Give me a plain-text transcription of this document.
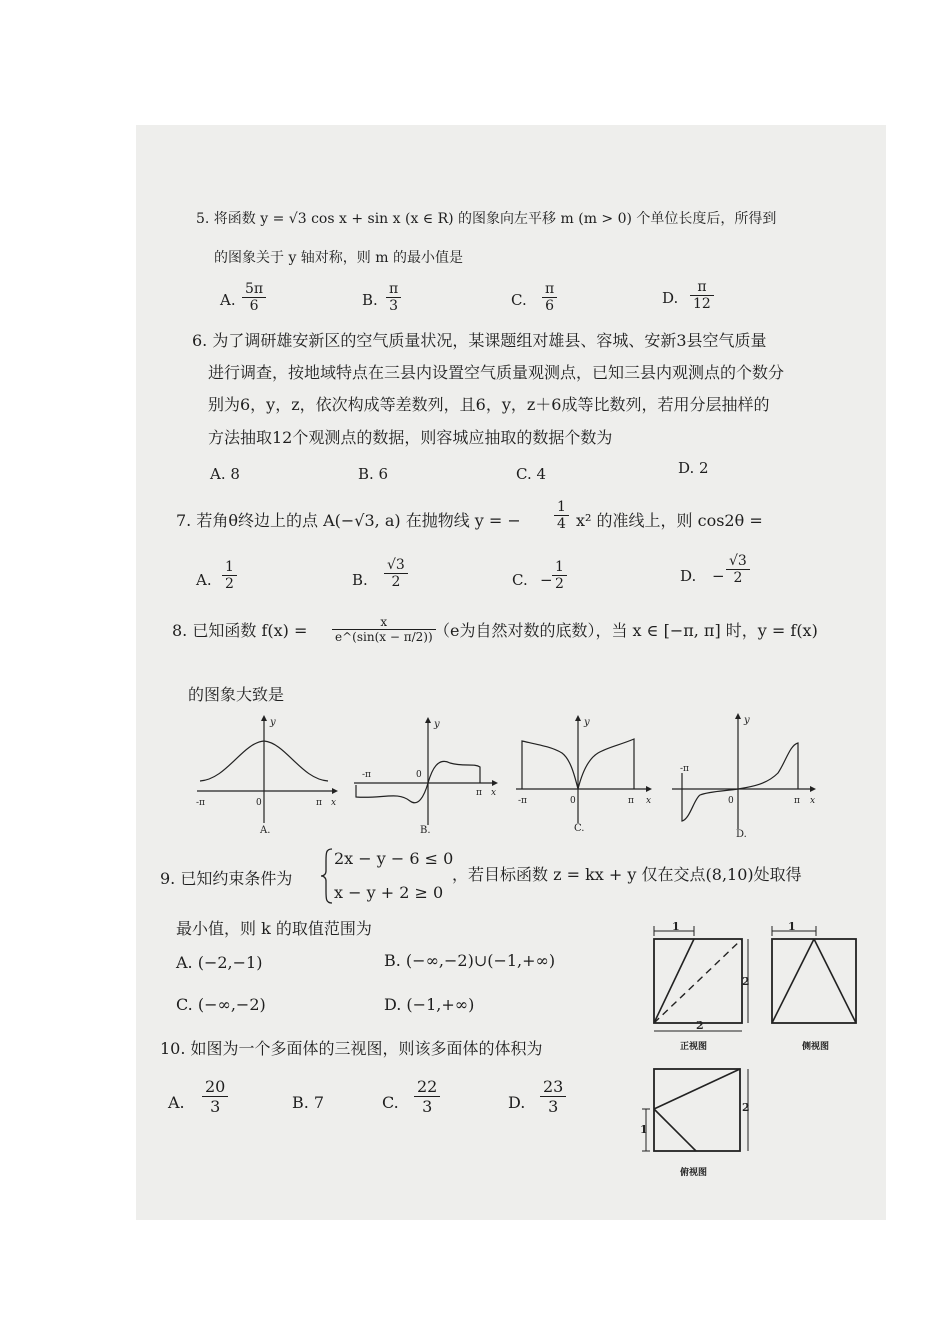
5. 将函数 y = √3 cos x + sin x (x ∈ R) 的图象向左平移 m (m > 0) 个单位长度后，所得到
的图象关于 y 轴对称，则 m 的最小值是
A. $\frac{5\pi}{6}$	B. $\frac{\pi}{3}$	C. $\frac{\pi}{6}$	D. $\frac{\pi}{12}$
6. 为了调研雄安新区的空气质量状况，某课题组对雄县、容城、安新3县空气质量
进行调查，按地域特点在三县内设置空气质量观测点，已知三县内观测点的个数分
别为6，y，z，依次构成等差数列，且6，y，z＋6成等比数列，若用分层抽样的
方法抽取12个观测点的数据，则容城应抽取的数据个数为
A. 8	B. 6	C. 4	D. 2
7. 若角θ终边上的点 A(−√3, a) 在抛物线 y = − $\frac{1}{4} x^2$ 的准线上，则 cos2θ =
A. $\frac{1}{2}$	B. $\frac{√3}{2}$	C. − $\frac{1}{2}$	D. − $\frac{√3}{2}$
8. 已知函数 $f(x) = \frac{x}{e\^{}(\sin(x - \pi/2))}$
（e为自然对数的底数），当 x ∈ [−π, π] 时，y = f(x)
的图象大致是
y
-π	0	π x
A.
y
-π	0
π x
B.
y
-π	0	π x
C.
y
-π
0	π x
D.
9. 已知约束条件为
2x − y − 6 ≤ 0
x − y + 2 ≥ 0
，若目标函数 z = kx + y 仅在交点(8,10)处取得
最小值，则 k 的取值范围为
A. (−2,−1)	B. (−∞,−2)∪(−1,+∞)
C. (−∞,−2)	D. (−1,+∞)
10. 如图为一个多面体的三视图，则该多面体的体积为
A. $\frac{20}{3}$	B. 7	C. $\frac{22}{3}$	D. $\frac{23}{3}$
1
2
2
正视图
1
侧视图
2
1
俯视图
